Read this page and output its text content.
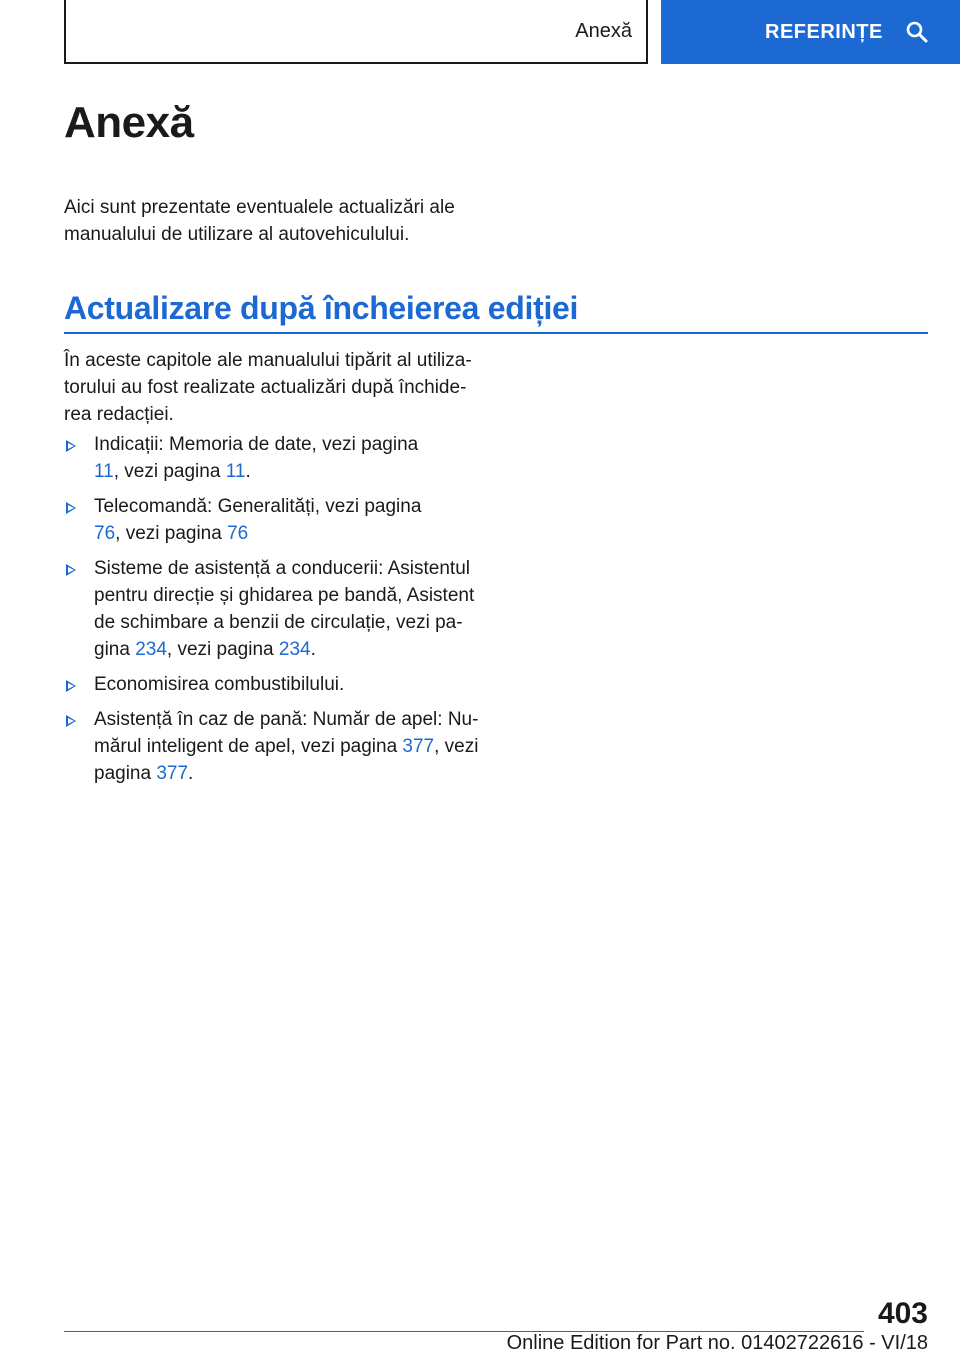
Anexă	REFERINȚE
Anexă

Aici sunt prezentate eventualele actualizări ale manualului de utilizare al autovehiculului.

Actualizare după încheierea ediției

În aceste capitole ale manualului tipărit al utilizatorului au fost realizate actualizări după închiderea redacției.

Indicații: Memoria de date, vezi pagina 11, vezi pagina 11.
Telecomandă: Generalități, vezi pagina 76, vezi pagina 76
Sisteme de asistență a conducerii: Asistentul pentru direcție și ghidarea pe bandă, Asistent de schimbare a benzii de circulație, vezi pagina 234, vezi pagina 234.
Economisirea combustibilului.
Asistență în caz de pană: Număr de apel: Numărul inteligent de apel, vezi pagina 377, vezi pagina 377.
403
Online Edition for Part no. 01402722616 - VI/18
